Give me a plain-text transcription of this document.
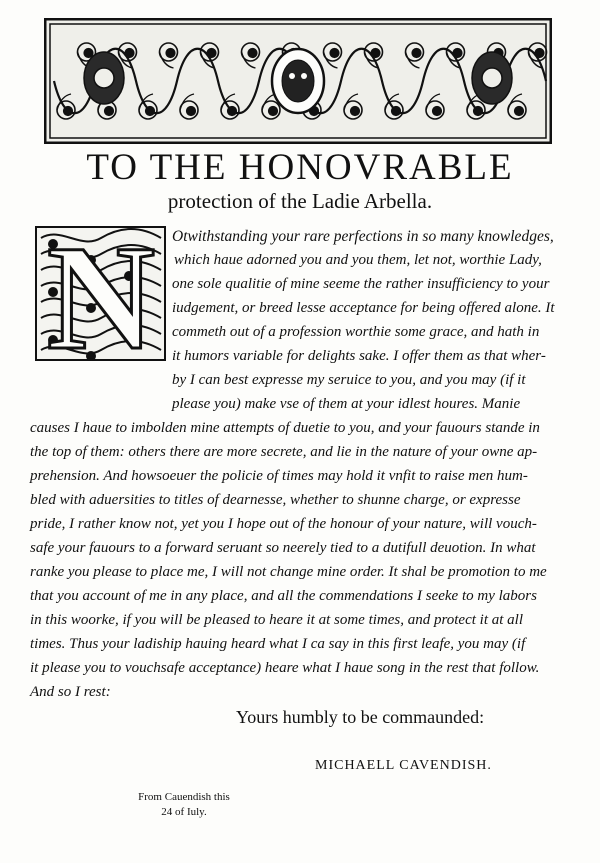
TO THE HONOVRABLE
protection of the Ladie Arbella.
N Otwithstanding your rare perfections in so many knowledges,
which haue adorned you and you them, let not, worthie Lady,
one sole qualitie of mine seeme the rather insufficiency to your
iudgement, or breed lesse acceptance for being offered alone. It
commeth out of a profession worthie some grace, and hath in
it humors variable for delights sake. I offer them as that wher-
by I can best expresse my seruice to you, and you may (if it
please you) make vse of them at your idlest houres. Manie
causes I haue to imbolden mine attempts of duetie to you, and your fauours stande in
the top of them: others there are more secrete, and lie in the nature of your owne ap-
prehension. And howsoeuer the policie of times may hold it vnfit to raise men hum-
bled with aduersities to titles of dearnesse, whether to shunne charge, or expresse
pride, I rather know not, yet you I hope out of the honour of your nature, will vouch-
safe your fauours to a forward seruant so neerely tied to a dutifull deuotion. In what
ranke you please to place me, I will not change mine order. It shal be promotion to me
that you account of me in any place, and all the commendations I seeke to my labors
in this woorke, if you will be pleased to heare it at some times, and protect it at all
times. Thus your ladiship hauing heard what I ca say in this first leafe, you may (if
it please you to vouchsafe acceptance) heare what I haue song in the rest that follow.
And so I rest:
Yours humbly to be commaunded:
MICHAELL CAVENDISH.
From Cauendish this
24 of Iuly.
